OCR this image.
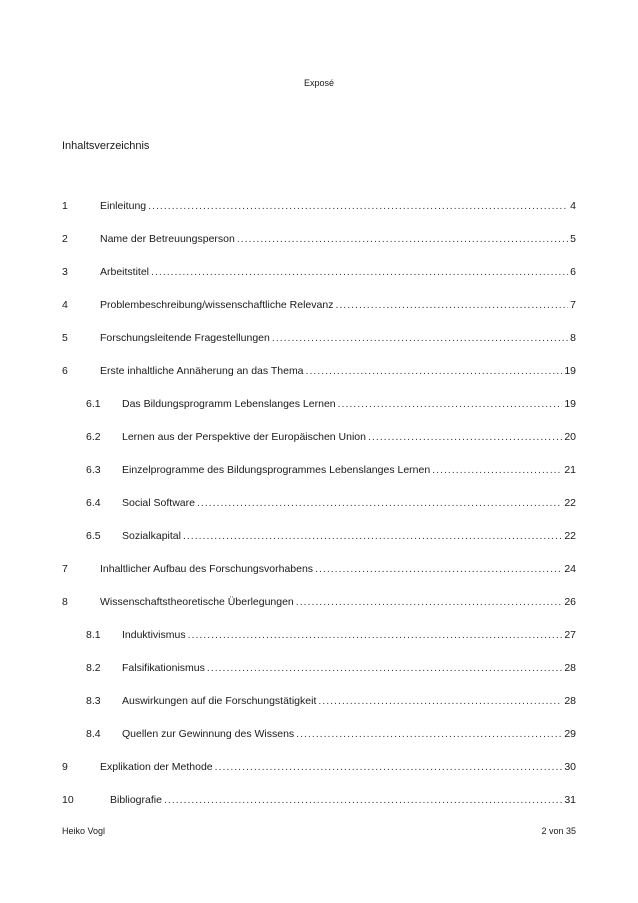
Exposé
Inhaltsverzeichnis
1	Einleitung .....	4
2	Name der Betreuungsperson .....	5
3	Arbeitstitel .....	6
4	Problembeschreibung/wissenschaftliche Relevanz .....	7
5	Forschungsleitende Fragestellungen .....	8
6	Erste inhaltliche Annäherung an das Thema .....	19
6.1	Das Bildungsprogramm Lebenslanges Lernen .....	19
6.2	Lernen aus der Perspektive der Europäischen Union .....	20
6.3	Einzelprogramme des Bildungsprogrammes Lebenslanges Lernen .....	21
6.4	Social Software .....	22
6.5	Sozialkapital .....	22
7	Inhaltlicher Aufbau des Forschungsvorhabens .....	24
8	Wissenschaftstheoretische Überlegungen .....	26
8.1	Induktivismus .....	27
8.2	Falsifikationismus .....	28
8.3	Auswirkungen auf die Forschungstätigkeit .....	28
8.4	Quellen zur Gewinnung des Wissens .....	29
9	Explikation der Methode .....	30
10	Bibliografie .....	31
Heiko Vogl	2 von 35
